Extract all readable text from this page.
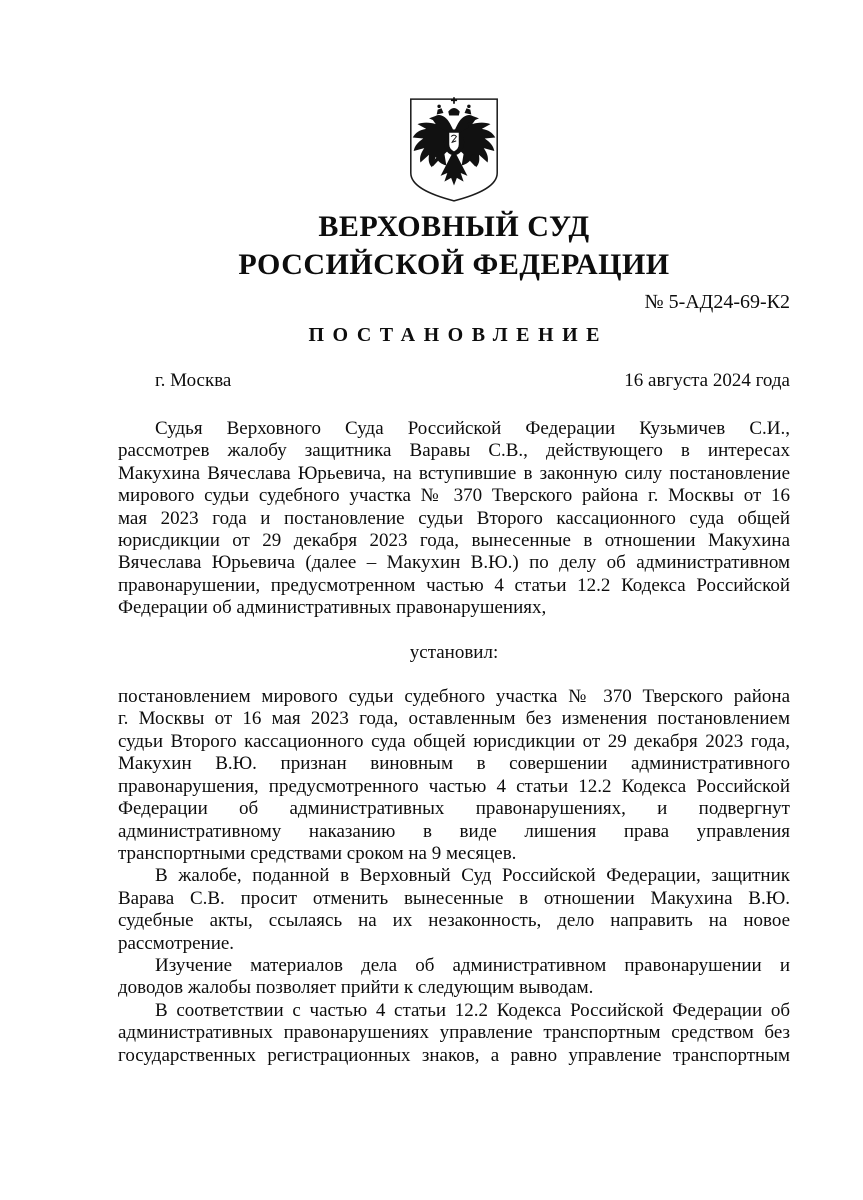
ВЕРХОВНЫЙ СУД
РОССИЙСКОЙ ФЕДЕРАЦИИ
№ 5-АД24-69-К2
ПОСТАНОВЛЕНИЕ
г. Москва	16 августа 2024 года
Судья Верховного Суда Российской Федерации Кузьмичев С.И.,
рассмотрев жалобу защитника Варавы С.В., действующего в интересах
Макухина Вячеслава Юрьевича, на вступившие в законную силу постановление
мирового судьи судебного участка № 370 Тверского района г. Москвы от 16
мая 2023 года и постановление судьи Второго кассационного суда общей
юрисдикции от 29 декабря 2023 года, вынесенные в отношении Макухина
Вячеслава Юрьевича (далее – Макухин В.Ю.) по делу об административном
правонарушении, предусмотренном частью 4 статьи 12.2 Кодекса Российской
Федерации об административных правонарушениях,
установил:
постановлением мирового судьи судебного участка № 370 Тверского района
г. Москвы от 16 мая 2023 года, оставленным без изменения постановлением
судьи Второго кассационного суда общей юрисдикции от 29 декабря 2023 года,
Макухин В.Ю. признан виновным в совершении административного
правонарушения, предусмотренного частью 4 статьи 12.2 Кодекса Российской
Федерации об административных правонарушениях, и подвергнут
административному наказанию в виде лишения права управления
транспортными средствами сроком на 9 месяцев.
В жалобе, поданной в Верховный Суд Российской Федерации, защитник
Варава С.В. просит отменить вынесенные в отношении Макухина В.Ю.
судебные акты, ссылаясь на их незаконность, дело направить на новое
рассмотрение.
Изучение материалов дела об административном правонарушении и
доводов жалобы позволяет прийти к следующим выводам.
В соответствии с частью 4 статьи 12.2 Кодекса Российской Федерации об
административных правонарушениях управление транспортным средством без
государственных регистрационных знаков, а равно управление транспортным
